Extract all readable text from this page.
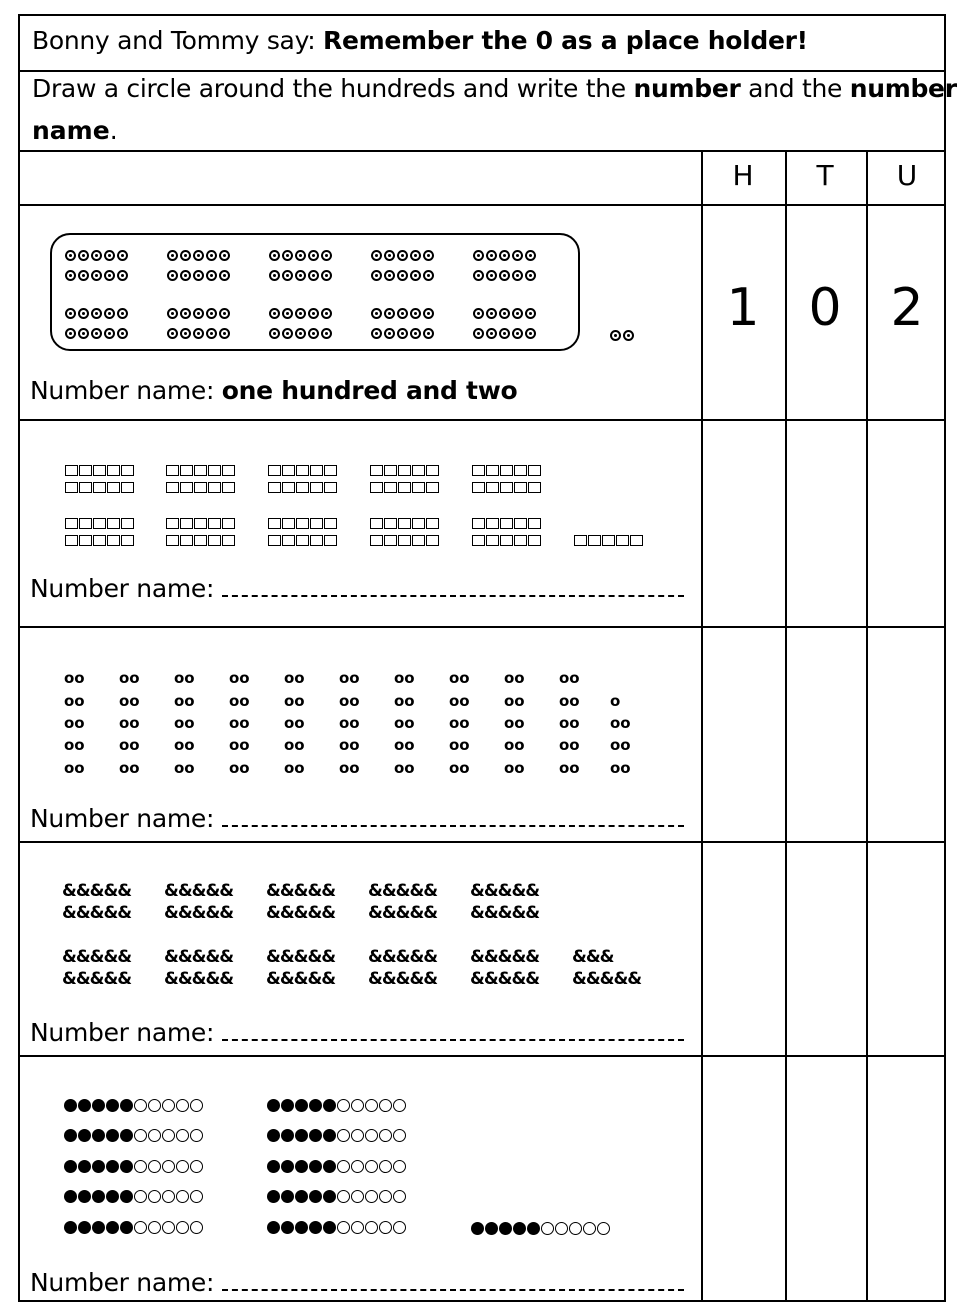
Bonny and Tommy say: Remember the 0 as a place holder!
Draw a circle around the hundreds and write the number and the number
name.
H	T	U
Number name: one hundred and two
1 0 2
Number name:
oo
oo
oo
oo
oo
oo
oo
oo
oo
oo
oo
oo
oo
oo
oo
oo
oo
oo
oo
oo
oo
oo
oo
oo
oo
oo
oo
oo
oo
oo
oo
oo
oo
oo
oo
oo
oo
oo
oo
oo
oo
oo
oo
oo
oo
oo
oo
oo
oo
oo
o
oo
oo
oo
Number name:
&&&&& &&&&& &&&&& &&&&& &&&&&
&&&&& &&&&& &&&&& &&&&& &&&&&
&&&&& &&&&& &&&&& &&&&& &&&&&
&&&&& &&&&& &&&&& &&&&& &&&&&
&&&
&&&&&
Number name:
Number name:
